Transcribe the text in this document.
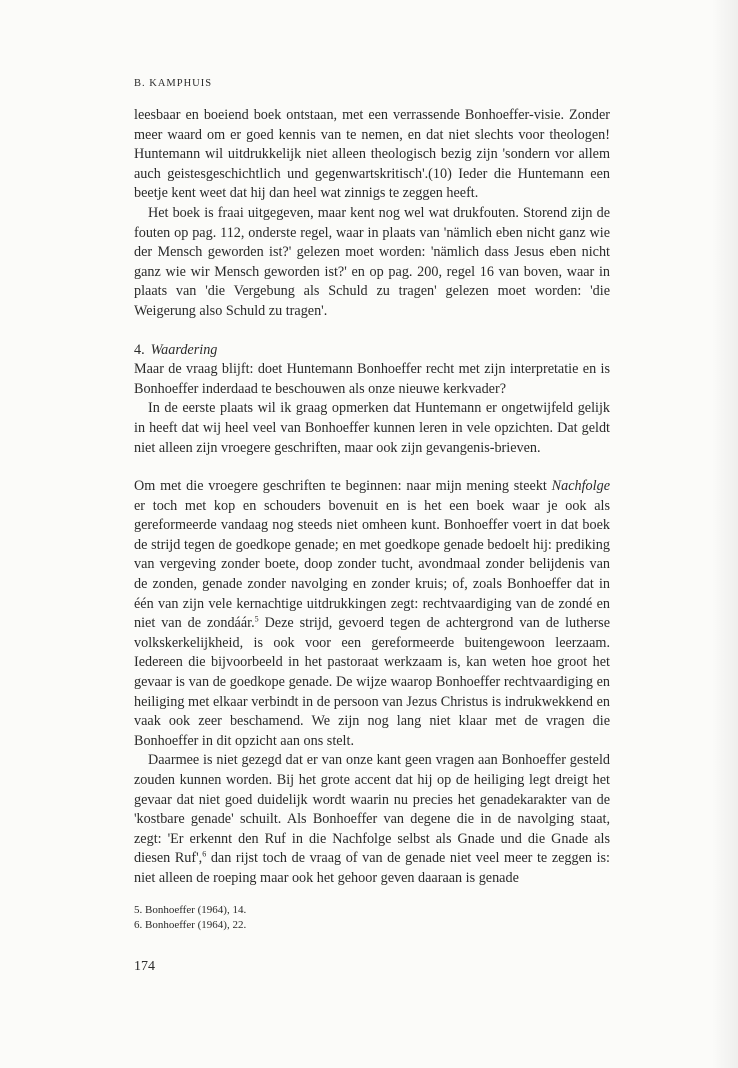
B. KAMPHUIS

leesbaar en boeiend boek ontstaan, met een verrassende Bonhoeffer-visie. Zonder meer waard om er goed kennis van te nemen, en dat niet slechts voor theologen! Huntemann wil uitdrukkelijk niet alleen theologisch bezig zijn 'sondern vor allem auch geistesgeschichtlich und gegenwartskritisch'.(10) Ieder die Huntemann een beetje kent weet dat hij dan heel wat zinnigs te zeggen heeft.

Het boek is fraai uitgegeven, maar kent nog wel wat drukfouten. Storend zijn de fouten op pag. 112, onderste regel, waar in plaats van 'nämlich eben nicht ganz wie der Mensch geworden ist?' gelezen moet worden: 'nämlich dass Jesus eben nicht ganz wie wir Mensch geworden ist?' en op pag. 200, regel 16 van boven, waar in plaats van 'die Vergebung als Schuld zu tragen' gelezen moet worden: 'die Weigerung also Schuld zu tragen'.

4. Waardering

Maar de vraag blijft: doet Huntemann Bonhoeffer recht met zijn interpretatie en is Bonhoeffer inderdaad te beschouwen als onze nieuwe kerkvader?

In de eerste plaats wil ik graag opmerken dat Huntemann er ongetwijfeld gelijk in heeft dat wij heel veel van Bonhoeffer kunnen leren in vele opzichten. Dat geldt niet alleen zijn vroegere geschriften, maar ook zijn gevangenis-brieven.

Om met die vroegere geschriften te beginnen: naar mijn mening steekt Nachfolge er toch met kop en schouders bovenuit en is het een boek waar je ook als gereformeerde vandaag nog steeds niet omheen kunt. Bonhoeffer voert in dat boek de strijd tegen de goedkope genade; en met goedkope genade bedoelt hij: prediking van vergeving zonder boete, doop zonder tucht, avondmaal zonder belijdenis van de zonden, genade zonder navolging en zonder kruis; of, zoals Bonhoeffer dat in één van zijn vele kernachtige uitdrukkingen zegt: rechtvaardiging van de zondé en niet van de zondáár.$^5$ Deze strijd, gevoerd tegen de achtergrond van de lutherse volkskerkelijkheid, is ook voor een gereformeerde buitengewoon leerzaam. Iedereen die bijvoorbeeld in het pastoraat werkzaam is, kan weten hoe groot het gevaar is van de goedkope genade. De wijze waarop Bonhoeffer rechtvaardiging en heiliging met elkaar verbindt in de persoon van Jezus Christus is indrukwekkend en vaak ook zeer beschamend. We zijn nog lang niet klaar met de vragen die Bonhoeffer in dit opzicht aan ons stelt.

Daarmee is niet gezegd dat er van onze kant geen vragen aan Bonhoeffer gesteld zouden kunnen worden. Bij het grote accent dat hij op de heiliging legt dreigt het gevaar dat niet goed duidelijk wordt waarin nu precies het genadekarakter van de 'kostbare genade' schuilt. Als Bonhoeffer van degene die in de navolging staat, zegt: 'Er erkennt den Ruf in die Nachfolge selbst als Gnade und die Gnade als diesen Ruf',$^6$ dan rijst toch de vraag of van de genade niet veel meer te zeggen is: niet alleen de roeping maar ook het gehoor geven daaraan is genade

5. Bonhoeffer (1964), 14.

6. Bonhoeffer (1964), 22.

174
